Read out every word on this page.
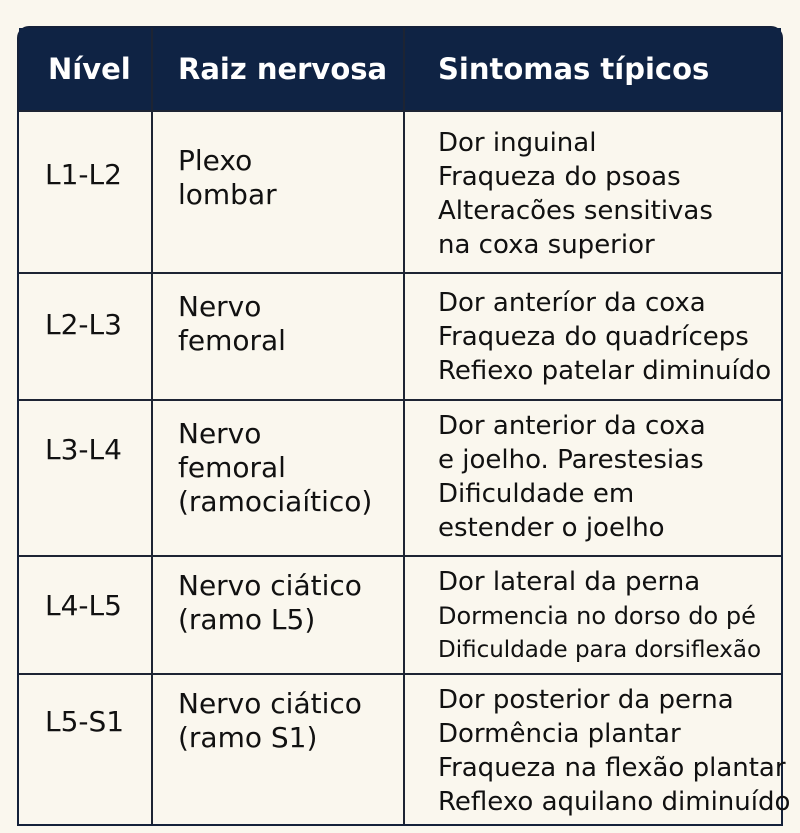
Nível Raiz nervosa Sintomas típicos
L1-L2 Plexo
lombar
Dor inguinal
Fraqueza do psoas
Alteracões sensitivas
na coxa superior
L2-L3
Nervo
femoral
Dor anteríor da coxa
Fraqueza do quadríceps
Refiexo patelar diminuído
L3-L4 Nervo
femoral
(ramociaítico)
Dor anterior da coxa
e joelho. Parestesias
Dificuldade em
estender o joelho
L4-L5
Nervo ciático
(ramo L5)
Dor lateral da perna
Dormencia no dorso do pé
Dificuldade para dorsiflexão
L5-S1
Nervo ciático
(ramo S1)
Dor posterior da perna
Dormência plantar
Fraqueza na flexão plantar
Reflexo aquilano diminuído
